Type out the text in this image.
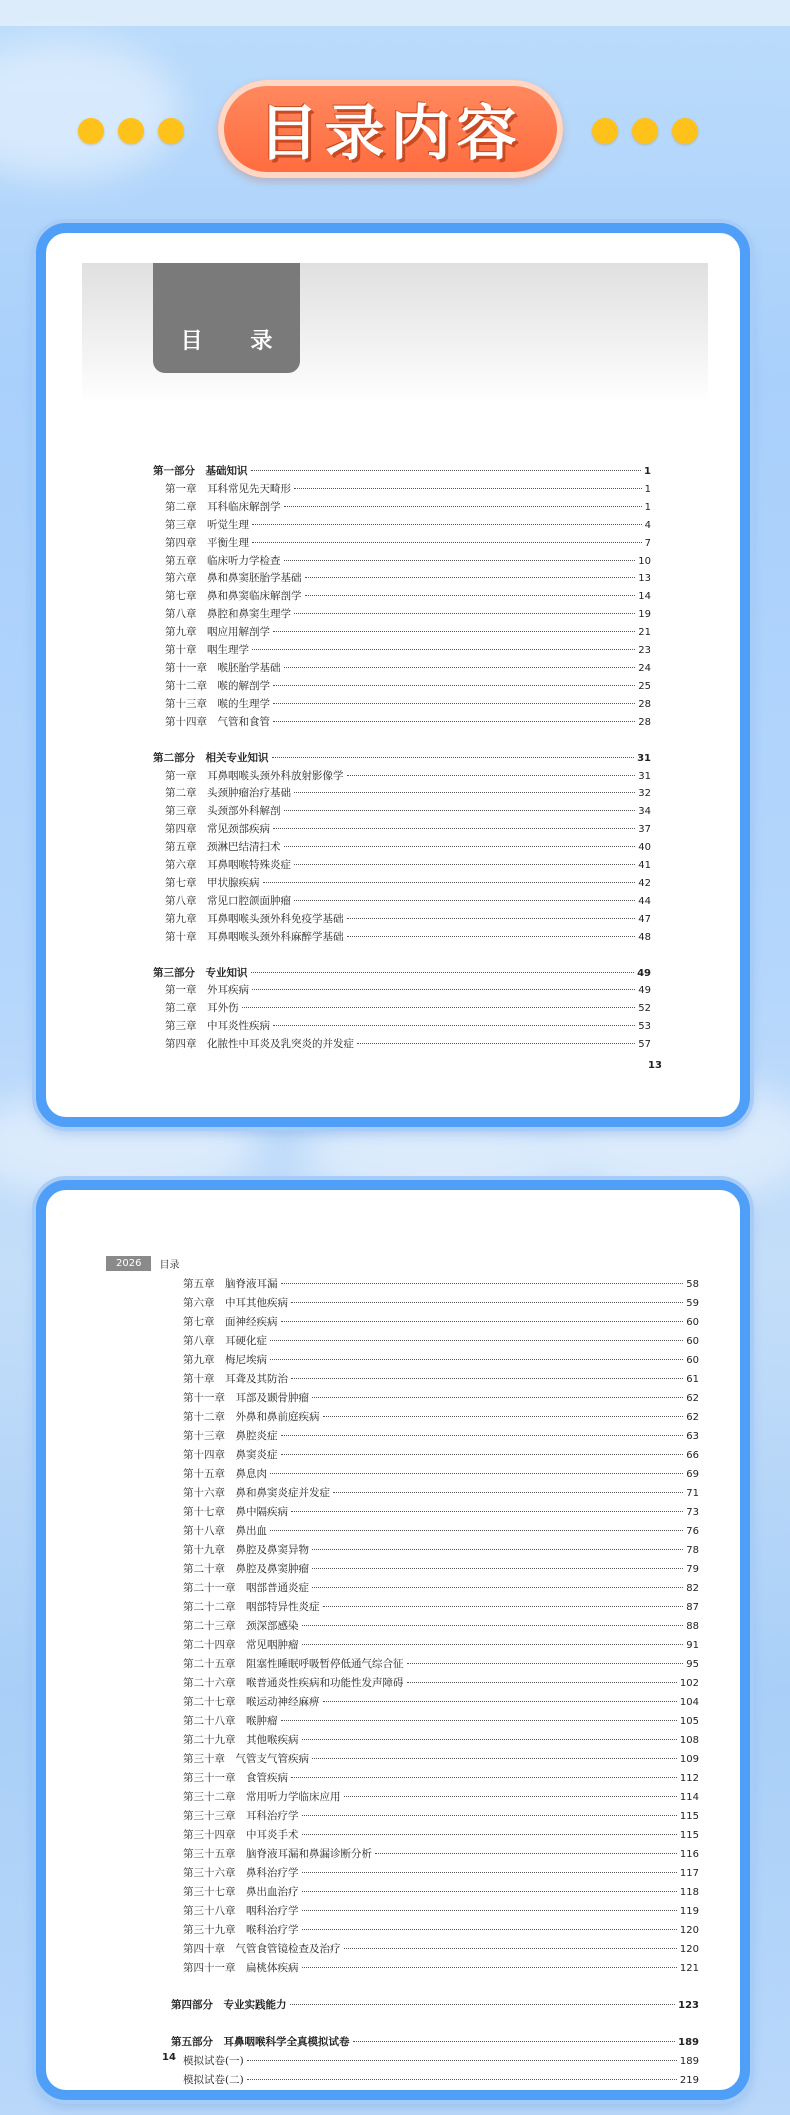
目录内容
目 录
第一部分　基础知识	1
第一章　耳科常见先天畸形	1
第二章　耳科临床解剖学	1
第三章　听觉生理	4
第四章　平衡生理	7
第五章　临床听力学检查	10
第六章　鼻和鼻窦胚胎学基础	13
第七章　鼻和鼻窦临床解剖学	14
第八章　鼻腔和鼻窦生理学	19
第九章　咽应用解剖学	21
第十章　咽生理学	23
第十一章　喉胚胎学基础	24
第十二章　喉的解剖学	25
第十三章　喉的生理学	28
第十四章　气管和食管	28
第二部分　相关专业知识	31
第一章　耳鼻咽喉头颈外科放射影像学	31
第二章　头颈肿瘤治疗基础	32
第三章　头颈部外科解剖	34
第四章　常见颈部疾病	37
第五章　颈淋巴结清扫术	40
第六章　耳鼻咽喉特殊炎症	41
第七章　甲状腺疾病	42
第八章　常见口腔颌面肿瘤	44
第九章　耳鼻咽喉头颈外科免疫学基础	47
第十章　耳鼻咽喉头颈外科麻醉学基础	48
第三部分　专业知识	49
第一章　外耳疾病	49
第二章　耳外伤	52
第三章　中耳炎性疾病	53
第四章　化脓性中耳炎及乳突炎的并发症	57
13
2026	目录
第五章　脑脊液耳漏	58
第六章　中耳其他疾病	59
第七章　面神经疾病	60
第八章　耳硬化症	60
第九章　梅尼埃病	60
第十章　耳聋及其防治	61
第十一章　耳部及颞骨肿瘤	62
第十二章　外鼻和鼻前庭疾病	62
第十三章　鼻腔炎症	63
第十四章　鼻窦炎症	66
第十五章　鼻息肉	69
第十六章　鼻和鼻窦炎症并发症	71
第十七章　鼻中隔疾病	73
第十八章　鼻出血	76
第十九章　鼻腔及鼻窦异物	78
第二十章　鼻腔及鼻窦肿瘤	79
第二十一章　咽部普通炎症	82
第二十二章　咽部特异性炎症	87
第二十三章　颈深部感染	88
第二十四章　常见咽肿瘤	91
第二十五章　阻塞性睡眠呼吸暂停低通气综合征	95
第二十六章　喉普通炎性疾病和功能性发声障碍	102
第二十七章　喉运动神经麻痹	104
第二十八章　喉肿瘤	105
第二十九章　其他喉疾病	108
第三十章　气管支气管疾病	109
第三十一章　食管疾病	112
第三十二章　常用听力学临床应用	114
第三十三章　耳科治疗学	115
第三十四章　中耳炎手术	115
第三十五章　脑脊液耳漏和鼻漏诊断分析	116
第三十六章　鼻科治疗学	117
第三十七章　鼻出血治疗	118
第三十八章　咽科治疗学	119
第三十九章　喉科治疗学	120
第四十章　气管食管镜检查及治疗	120
第四十一章　扁桃体疾病	121
第四部分　专业实践能力	123
第五部分　耳鼻咽喉科学全真模拟试卷	189
模拟试卷(一)	189
模拟试卷(二)	219
14
